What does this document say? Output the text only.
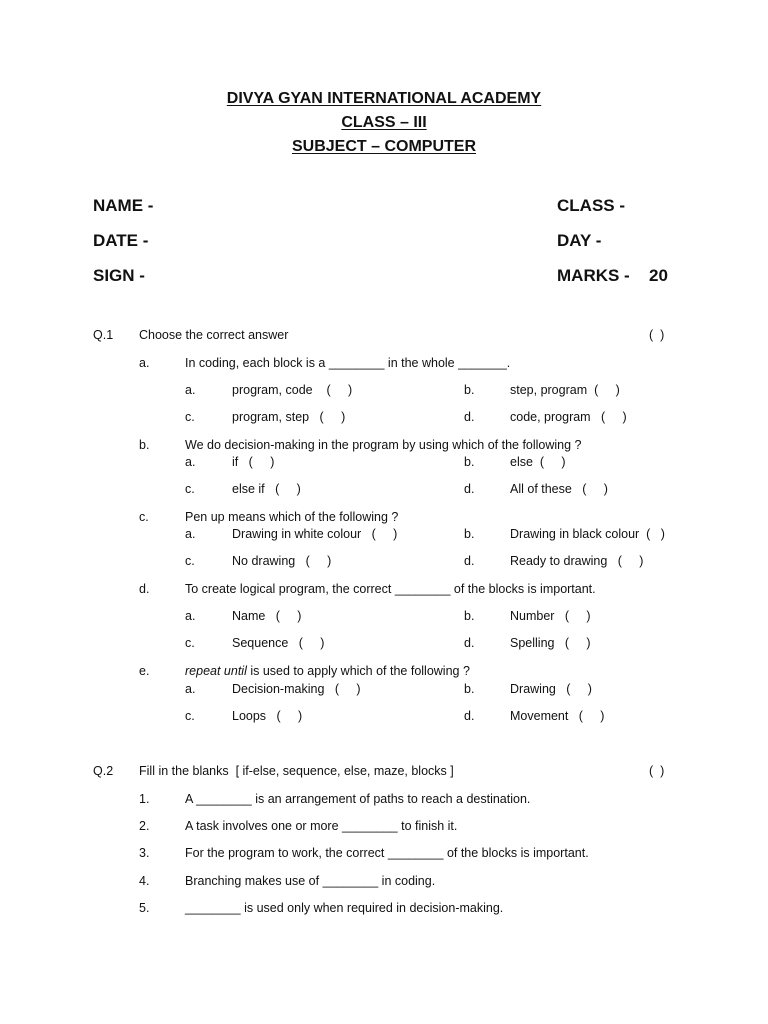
DIVYA GYAN INTERNATIONAL ACADEMY
CLASS – III
SUBJECT – COMPUTER
NAME -	CLASS -
DATE -	DAY -
SIGN -	MARKS - 20
Q.1 Choose the correct answer	(  )
a.	In coding, each block is a ________ in the whole _______.
a.	program, code    (     )	b.	step, program  (     )
c.	program, step   (     )	d.	code, program   (     )
b.	We do decision-making in the program by using which of the following ?
a.	if   (     )	b.	else  (     )
c.	else if   (     )	d.	All of these   (     )
c.	Pen up means which of the following ?
a.	Drawing in white colour   (     )	b.	Drawing in black colour  (   )
c.	No drawing   (     )	d.	Ready to drawing   (     )
d.	To create logical program, the correct ________ of the blocks is important.
a.	Name   (     )	b.	Number   (     )
c.	Sequence   (     )	d.	Spelling   (     )
e.	repeat until is used to apply which of the following ?
a.	Decision-making   (     )	b.	Drawing   (     )
c.	Loops   (     )	d.	Movement   (     )
Q.2 Fill in the blanks  [ if-else, sequence, else, maze, blocks ]	(  )
1.	A ________ is an arrangement of paths to reach a destination.
2.	A task involves one or more ________ to finish it.
3.	For the program to work, the correct ________ of the blocks is important.
4.	Branching makes use of ________ in coding.
5.	________ is used only when required in decision-making.
